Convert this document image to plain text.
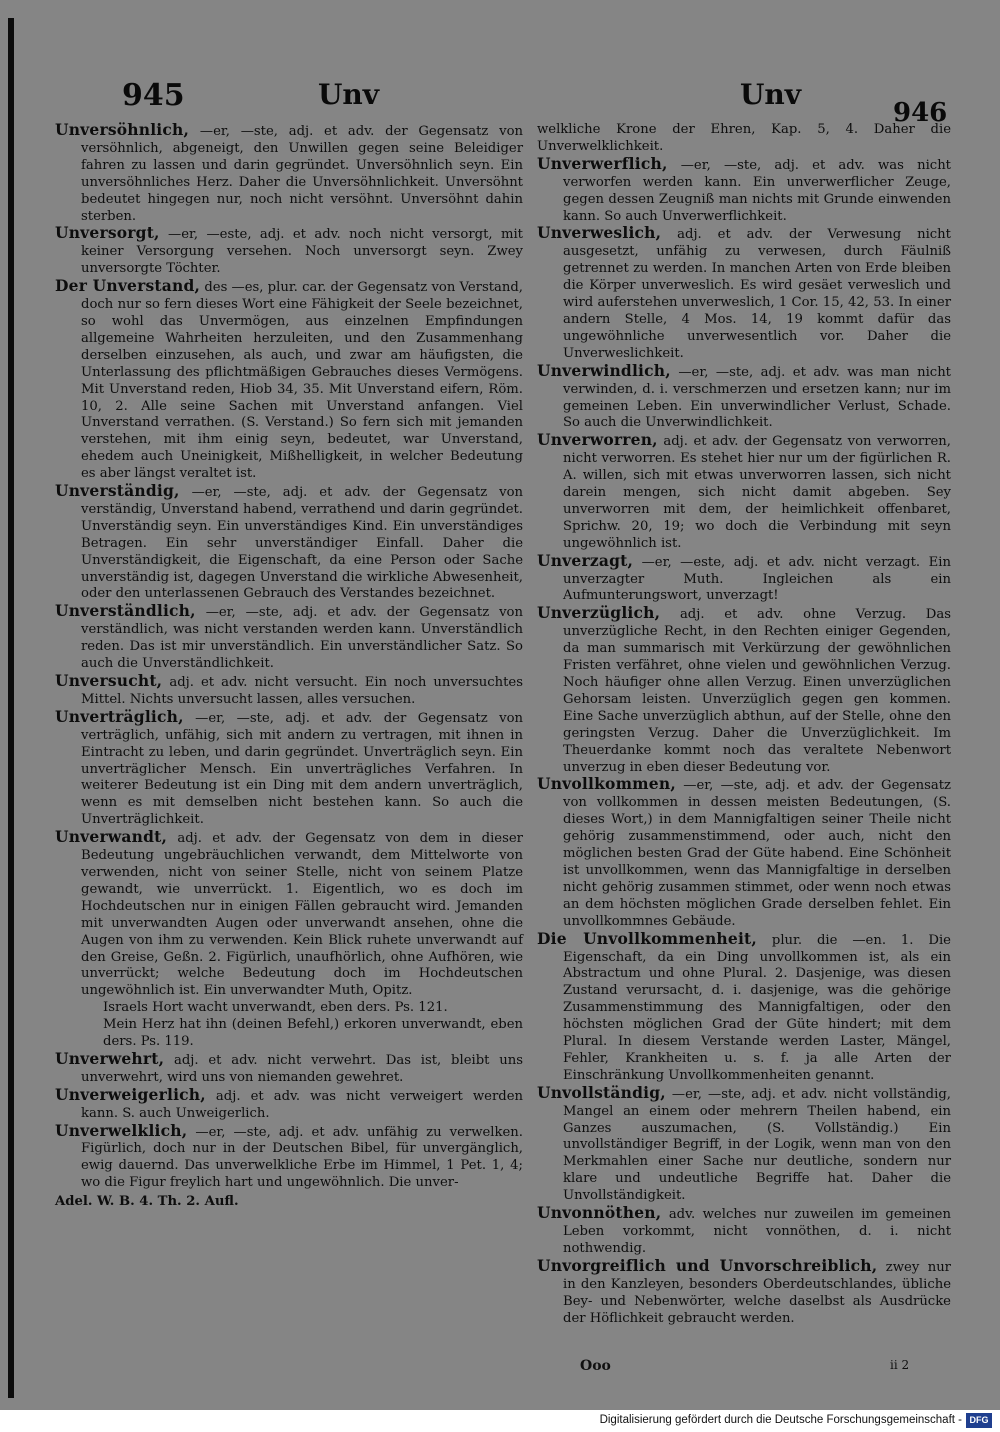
945	Unv	Unv
946
Unversöhnlich, —er, —ste, adj. et adv. der Gegensatz von versöhnlich, abgeneigt, den Unwillen gegen seine Beleidiger fahren zu lassen und darin gegründet. Unversöhnlich seyn. Ein unversöhnliches Herz. Daher die Unversöhnlichkeit. Unversöhnt bedeutet hingegen nur, noch nicht versöhnt. Unversöhnt dahin sterben.
Unversorgt, —er, —este, adj. et adv. noch nicht versorgt, mit keiner Versorgung versehen. Noch unversorgt seyn. Zwey unversorgte Töchter.
Der Unverstand, des —es, plur. car. der Gegensatz von Verstand, doch nur so fern dieses Wort eine Fähigkeit der Seele bezeichnet, so wohl das Unvermögen, aus einzelnen Empfindungen allgemeine Wahrheiten herzuleiten, und den Zusammenhang derselben einzusehen, als auch, und zwar am häufigsten, die Unterlassung des pflichtmäßigen Gebrauches dieses Vermögens. Mit Unverstand reden, Hiob 34, 35. Mit Unverstand eifern, Röm. 10, 2. Alle seine Sachen mit Unverstand anfangen. Viel Unverstand verrathen. (S. Verstand.) So fern sich mit jemanden verstehen, mit ihm einig seyn, bedeutet, war Unverstand, ehedem auch Uneinigkeit, Mißhelligkeit, in welcher Bedeutung es aber längst veraltet ist.
Unverständig, —er, —ste, adj. et adv. der Gegensatz von verständig, Unverstand habend, verrathend und darin gegründet. Unverständig seyn. Ein unverständiges Kind. Ein unverständiges Betragen. Ein sehr unverständiger Einfall. Daher die Unverständigkeit, die Eigenschaft, da eine Person oder Sache unverständig ist, dagegen Unverstand die wirkliche Abwesenheit, oder den unterlassenen Gebrauch des Verstandes bezeichnet.
Unverständlich, —er, —ste, adj. et adv. der Gegensatz von verständlich, was nicht verstanden werden kann. Unverständlich reden. Das ist mir unverständlich. Ein unverständlicher Satz. So auch die Unverständlichkeit.
Unversucht, adj. et adv. nicht versucht. Ein noch unversuchtes Mittel. Nichts unversucht lassen, alles versuchen.
Unverträglich, —er, —ste, adj. et adv. der Gegensatz von verträglich, unfähig, sich mit andern zu vertragen, mit ihnen in Eintracht zu leben, und darin gegründet. Unverträglich seyn. Ein unverträglicher Mensch. Ein unverträgliches Verfahren. In weiterer Bedeutung ist ein Ding mit dem andern unverträglich, wenn es mit demselben nicht bestehen kann. So auch die Unverträglichkeit.
Unverwandt, adj. et adv. der Gegensatz von dem in dieser Bedeutung ungebräuchlichen verwandt, dem Mittelworte von verwenden, nicht von seiner Stelle, nicht von seinem Platze gewandt, wie unverrückt. 1. Eigentlich, wo es doch im Hochdeutschen nur in einigen Fällen gebraucht wird. Jemanden mit unverwandten Augen oder unverwandt ansehen, ohne die Augen von ihm zu verwenden. Kein Blick ruhete unverwandt auf den Greise, Geßn. 2. Figürlich, unaufhörlich, ohne Aufhören, wie unverrückt; welche Bedeutung doch im Hochdeutschen ungewöhnlich ist. Ein unverwandter Muth, Opitz.
Israels Hort wacht unverwandt, eben ders. Ps. 121.
Mein Herz hat ihn (deinen Befehl,) erkoren unverwandt, eben ders. Ps. 119.
Unverwehrt, adj. et adv. nicht verwehrt. Das ist, bleibt uns unverwehrt, wird uns von niemanden gewehret.
Unverweigerlich, adj. et adv. was nicht verweigert werden kann. S. auch Unweigerlich.
Unverwelklich, —er, —ste, adj. et adv. unfähig zu verwelken. Figürlich, doch nur in der Deutschen Bibel, für unvergänglich, ewig dauernd. Das unverwelkliche Erbe im Himmel, 1 Pet. 1, 4; wo die Figur freylich hart und ungewöhnlich. Die unver-
Adel. W. B. 4. Th. 2. Aufl.
welkliche Krone der Ehren, Kap. 5, 4. Daher die Unverwelklichkeit.
Unverwerflich, —er, —ste, adj. et adv. was nicht verworfen werden kann. Ein unverwerflicher Zeuge, gegen dessen Zeugniß man nichts mit Grunde einwenden kann. So auch Unverwerflichkeit.
Unverweslich, adj. et adv. der Verwesung nicht ausgesetzt, unfähig zu verwesen, durch Fäulniß getrennet zu werden. In manchen Arten von Erde bleiben die Körper unverweslich. Es wird gesäet verweslich und wird auferstehen unverweslich, 1 Cor. 15, 42, 53. In einer andern Stelle, 4 Mos. 14, 19 kommt dafür das ungewöhnliche unverwesentlich vor. Daher die Unverweslichkeit.
Unverwindlich, —er, —ste, adj. et adv. was man nicht verwinden, d. i. verschmerzen und ersetzen kann; nur im gemeinen Leben. Ein unverwindlicher Verlust, Schade. So auch die Unverwindlichkeit.
Unverworren, adj. et adv. der Gegensatz von verworren, nicht verworren. Es stehet hier nur um der figürlichen R. A. willen, sich mit etwas unverworren lassen, sich nicht darein mengen, sich nicht damit abgeben. Sey unverworren mit dem, der heimlichkeit offenbaret, Sprichw. 20, 19; wo doch die Verbindung mit seyn ungewöhnlich ist.
Unverzagt, —er, —este, adj. et adv. nicht verzagt. Ein unverzagter Muth. Ingleichen als ein Aufmunterungswort, unverzagt!
Unverzüglich, adj. et adv. ohne Verzug. Das unverzügliche Recht, in den Rechten einiger Gegenden, da man summarisch mit Verkürzung der gewöhnlichen Fristen verfähret, ohne vielen und gewöhnlichen Verzug. Noch häufiger ohne allen Verzug. Einen unverzüglichen Gehorsam leisten. Unverzüglich gegen gen kommen. Eine Sache unverzüglich abthun, auf der Stelle, ohne den geringsten Verzug. Daher die Unverzüglichkeit. Im Theuerdanke kommt noch das veraltete Nebenwort unverzug in eben dieser Bedeutung vor.
Unvollkommen, —er, —ste, adj. et adv. der Gegensatz von vollkommen in dessen meisten Bedeutungen, (S. dieses Wort,) in dem Mannigfaltigen seiner Theile nicht gehörig zusammenstimmend, oder auch, nicht den möglichen besten Grad der Güte habend. Eine Schönheit ist unvollkommen, wenn das Mannigfaltige in derselben nicht gehörig zusammen stimmet, oder wenn noch etwas an dem höchsten möglichen Grade derselben fehlet. Ein unvollkommnes Gebäude.
Die Unvollkommenheit, plur. die —en. 1. Die Eigenschaft, da ein Ding unvollkommen ist, als ein Abstractum und ohne Plural. 2. Dasjenige, was diesen Zustand verursacht, d. i. dasjenige, was die gehörige Zusammenstimmung des Mannigfaltigen, oder den höchsten möglichen Grad der Güte hindert; mit dem Plural. In diesem Verstande werden Laster, Mängel, Fehler, Krankheiten u. s. f. ja alle Arten der Einschränkung Unvollkommenheiten genannt.
Unvollständig, —er, —ste, adj. et adv. nicht vollständig, Mangel an einem oder mehrern Theilen habend, ein Ganzes auszumachen, (S. Vollständig.) Ein unvollständiger Begriff, in der Logik, wenn man von den Merkmahlen einer Sache nur deutliche, sondern nur klare und undeutliche Begriffe hat. Daher die Unvollständigkeit.
Unvonnöthen, adv. welches nur zuweilen im gemeinen Leben vorkommt, nicht vonnöthen, d. i. nicht nothwendig.
Unvorgreiflich und Unvorschreiblich, zwey nur in den Kanzleyen, besonders Oberdeutschlandes, übliche Bey- und Nebenwörter, welche daselbst als Ausdrücke der Höflichkeit gebraucht werden.
Ooo	ii 2
Digitalisierung gefördert durch die Deutsche Forschungsgemeinschaft - DFG
